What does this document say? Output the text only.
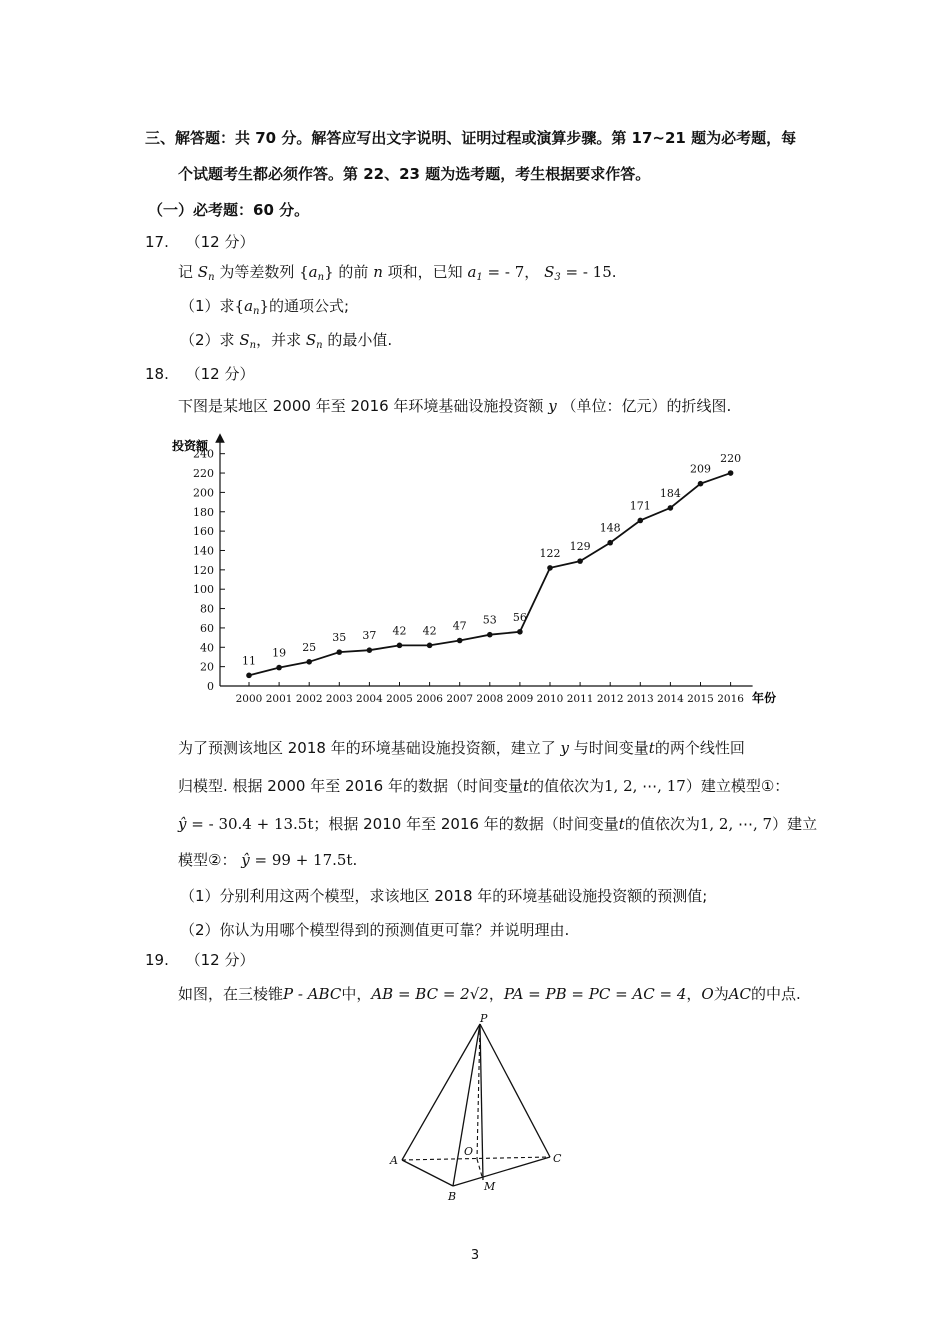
三、解答题：共 70 分。解答应写出文字说明、证明过程或演算步骤。第 17~21 题为必考题，每
个试题考生都必须作答。第 22、23 题为选考题，考生根据要求作答。
（一）必考题：60 分。
17. （12 分）
记 $S_n$ 为等差数列 $\{a_n\}$ 的前 n 项和，已知 $a_1$ = - 7， $S_3$ = - 15.
（1）求$\{a_n\}$的通项公式;
（2）求 $S_n$，并求 $S_n$ 的最小值.
18. （12 分）
下图是某地区 2000 年至 2016 年环境基础设施投资额 y （单位：亿元）的折线图.
投资额
年份
0
20
40
60
80
100
120
140
160
180
200
220
240
2000 2001 2002 2003 2004 2005 2006 2007 2008 2009 2010 2011 2012 2013 2014 2015 2016
11
19 25
35 37 42 42 47 53 56
122
129
148
171
184
209
220
为了预测该地区 2018 年的环境基础设施投资额，建立了 y 与时间变量t的两个线性回
归模型. 根据 2000 年至 2016 年的数据（时间变量t的值依次为1, 2, ⋯, 17）建立模型①：
ŷ = - 30.4 + 13.5t；根据 2010 年至 2016 年的数据（时间变量t的值依次为1, 2, ⋯, 7）建立
模型②： ŷ = 99 + 17.5t.
（1）分别利用这两个模型，求该地区 2018 年的环境基础设施投资额的预测值;
（2）你认为用哪个模型得到的预测值更可靠？并说明理由.
19. （12 分）
如图，在三棱锥P - ABC中，AB = BC = 2√2，PA = PB = PC = AC = 4，O为AC的中点.
P
A
B
C
O
M
3
